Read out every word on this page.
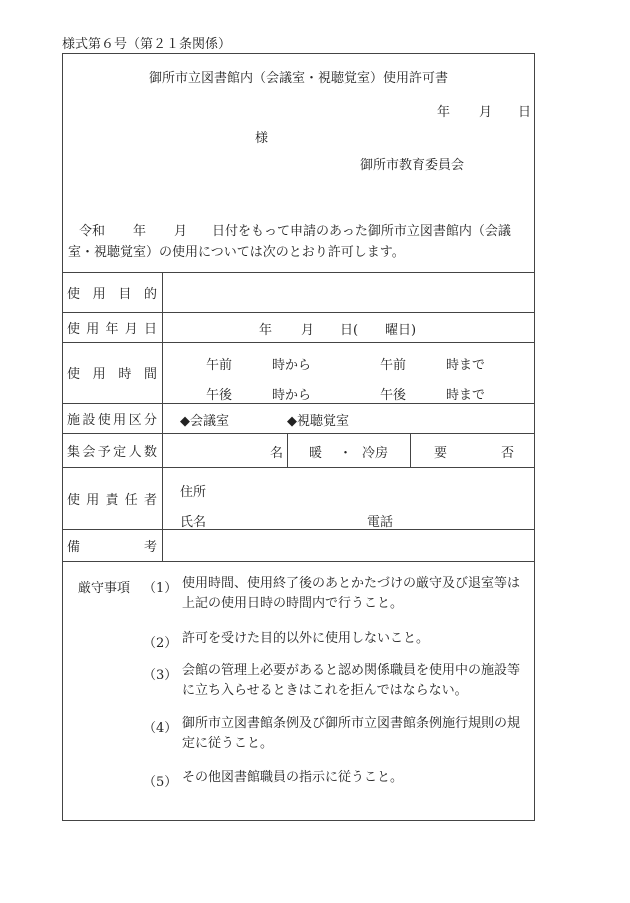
様式第６号（第２１条関係）
御所市立図書館内（会議室・視聴覚室）使用許可書
年 月 日
様
御所市教育委員会
令和 年 月 日付をもって申請のあった御所市立図書館内（会議
室・視聴覚室）の使用については次のとおり許可します。
使 用 目 的
使 用 年 月 日	年 月 日( 曜日)
使 用 時 間
午前	時から	午前	時まで
午後	時から	午後	時まで
施 設 使 用 区 分 ◆会議室	◆視聴覚室
集 会 予 定 人 数	名 暖 ・ 冷房	要	否
使 用 責 任 者 住所
氏名	電話
備	考
厳守事項 （1） 使用時間、使用終了後のあとかたづけの厳守及び退室等は上記の使用日時の時間内で行うこと。
（2） 許可を受けた目的以外に使用しないこと。
（3） 会館の管理上必要があると認め関係職員を使用中の施設等に立ち入らせるときはこれを拒んではならない。
（4） 御所市立図書館条例及び御所市立図書館条例施行規則の規定に従うこと。
（5） その他図書館職員の指示に従うこと。
